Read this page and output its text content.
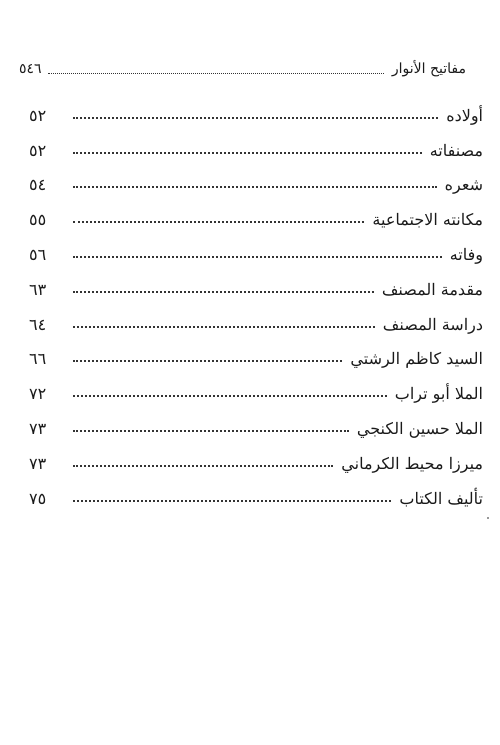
مفاتيح الأنوار
٥٤٦
أولاده
٥٢
مصنفاته
٥٢
شعره
٥٤
مكانته الاجتماعية
٥٥
وفاته
٥٦
مقدمة المصنف
٦٣
دراسة المصنف
٦٤
السيد كاظم الرشتي
٦٦
الملا أبو تراب
٧٢
الملا حسين الكنجي
٧٣
ميرزا محيط الكرماني
٧٣
تأليف الكتاب
٧٥
